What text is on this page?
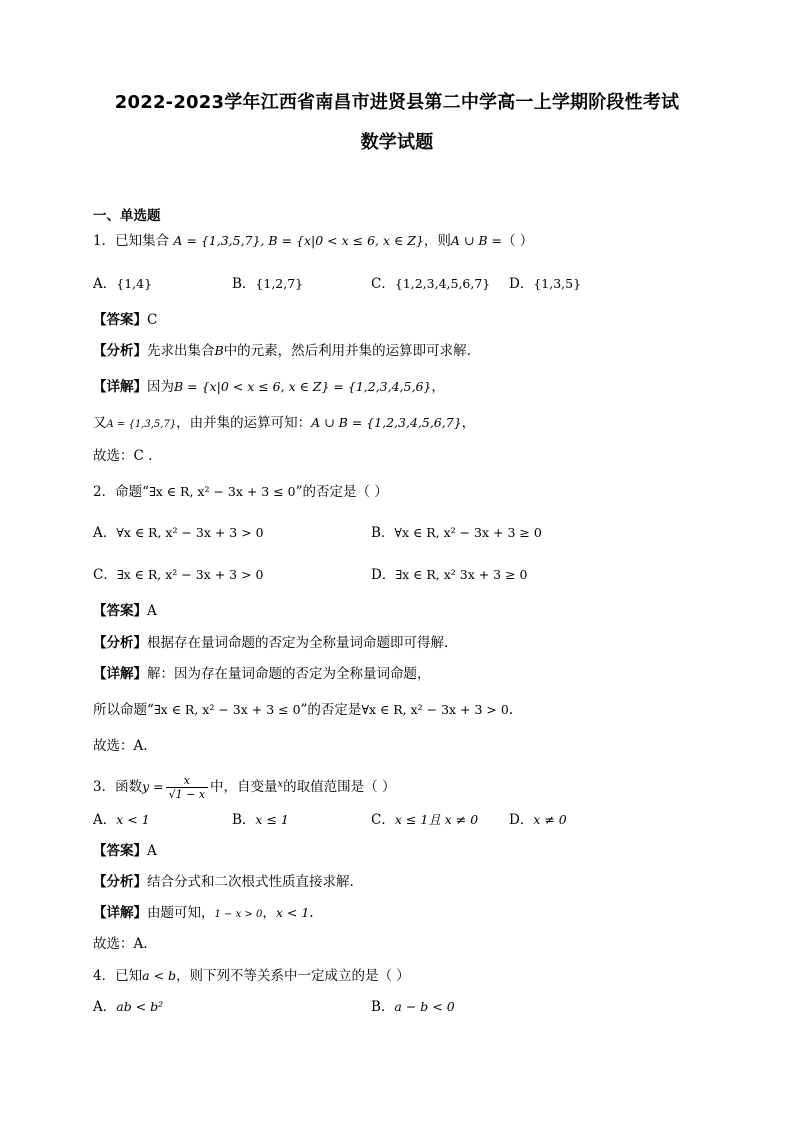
2022-2023学年江西省南昌市进贤县第二中学高一上学期阶段性考试
数学试题
一、单选题
1．已知集合 A = {1,3,5,7}, B = {x|0 < x ≤ 6, x ∈ Z}，则A ∪ B =（ ）
A．{1,4}	B．{1,2,7}	C．{1,2,3,4,5,6,7} D．{1,3,5}
【答案】C
【分析】先求出集合B中的元素，然后利用并集的运算即可求解.
【详解】因为B = {x|0 < x ≤ 6, x ∈ Z} = {1,2,3,4,5,6}，
又A = {1,3,5,7}，由并集的运算可知：A ∪ B = {1,2,3,4,5,6,7}，
故选：C .
2．命题“∃x ∈ R, x² − 3x + 3 ≤ 0”的否定是（ ）
A．∀x ∈ R, x² − 3x + 3 > 0	B．∀x ∈ R, x² − 3x + 3 ≥ 0
C．∃x ∈ R, x² − 3x + 3 > 0	D．∃x ∈ R, x² 3x + 3 ≥ 0
【答案】A
【分析】根据存在量词命题的否定为全称量词命题即可得解.
【详解】解：因为存在量词命题的否定为全称量词命题，
所以命题“∃x ∈ R, x² − 3x + 3 ≤ 0”的否定是∀x ∈ R, x² − 3x + 3 > 0.
故选：A.
3．函数$y = \frac{x}{√1 - x}$ 中，自变量$^x$的取值范围是（ ）
A．x < 1	B．x ≤ 1	C．x ≤ 1且 x ≠ 0 D．x ≠ 0
【答案】A
【分析】结合分式和二次根式性质直接求解.
【详解】由题可知，1 − x > 0，x < 1.
故选：A.
4．已知a < b，则下列不等关系中一定成立的是（ ）
A．ab < b²	B．a − b < 0
